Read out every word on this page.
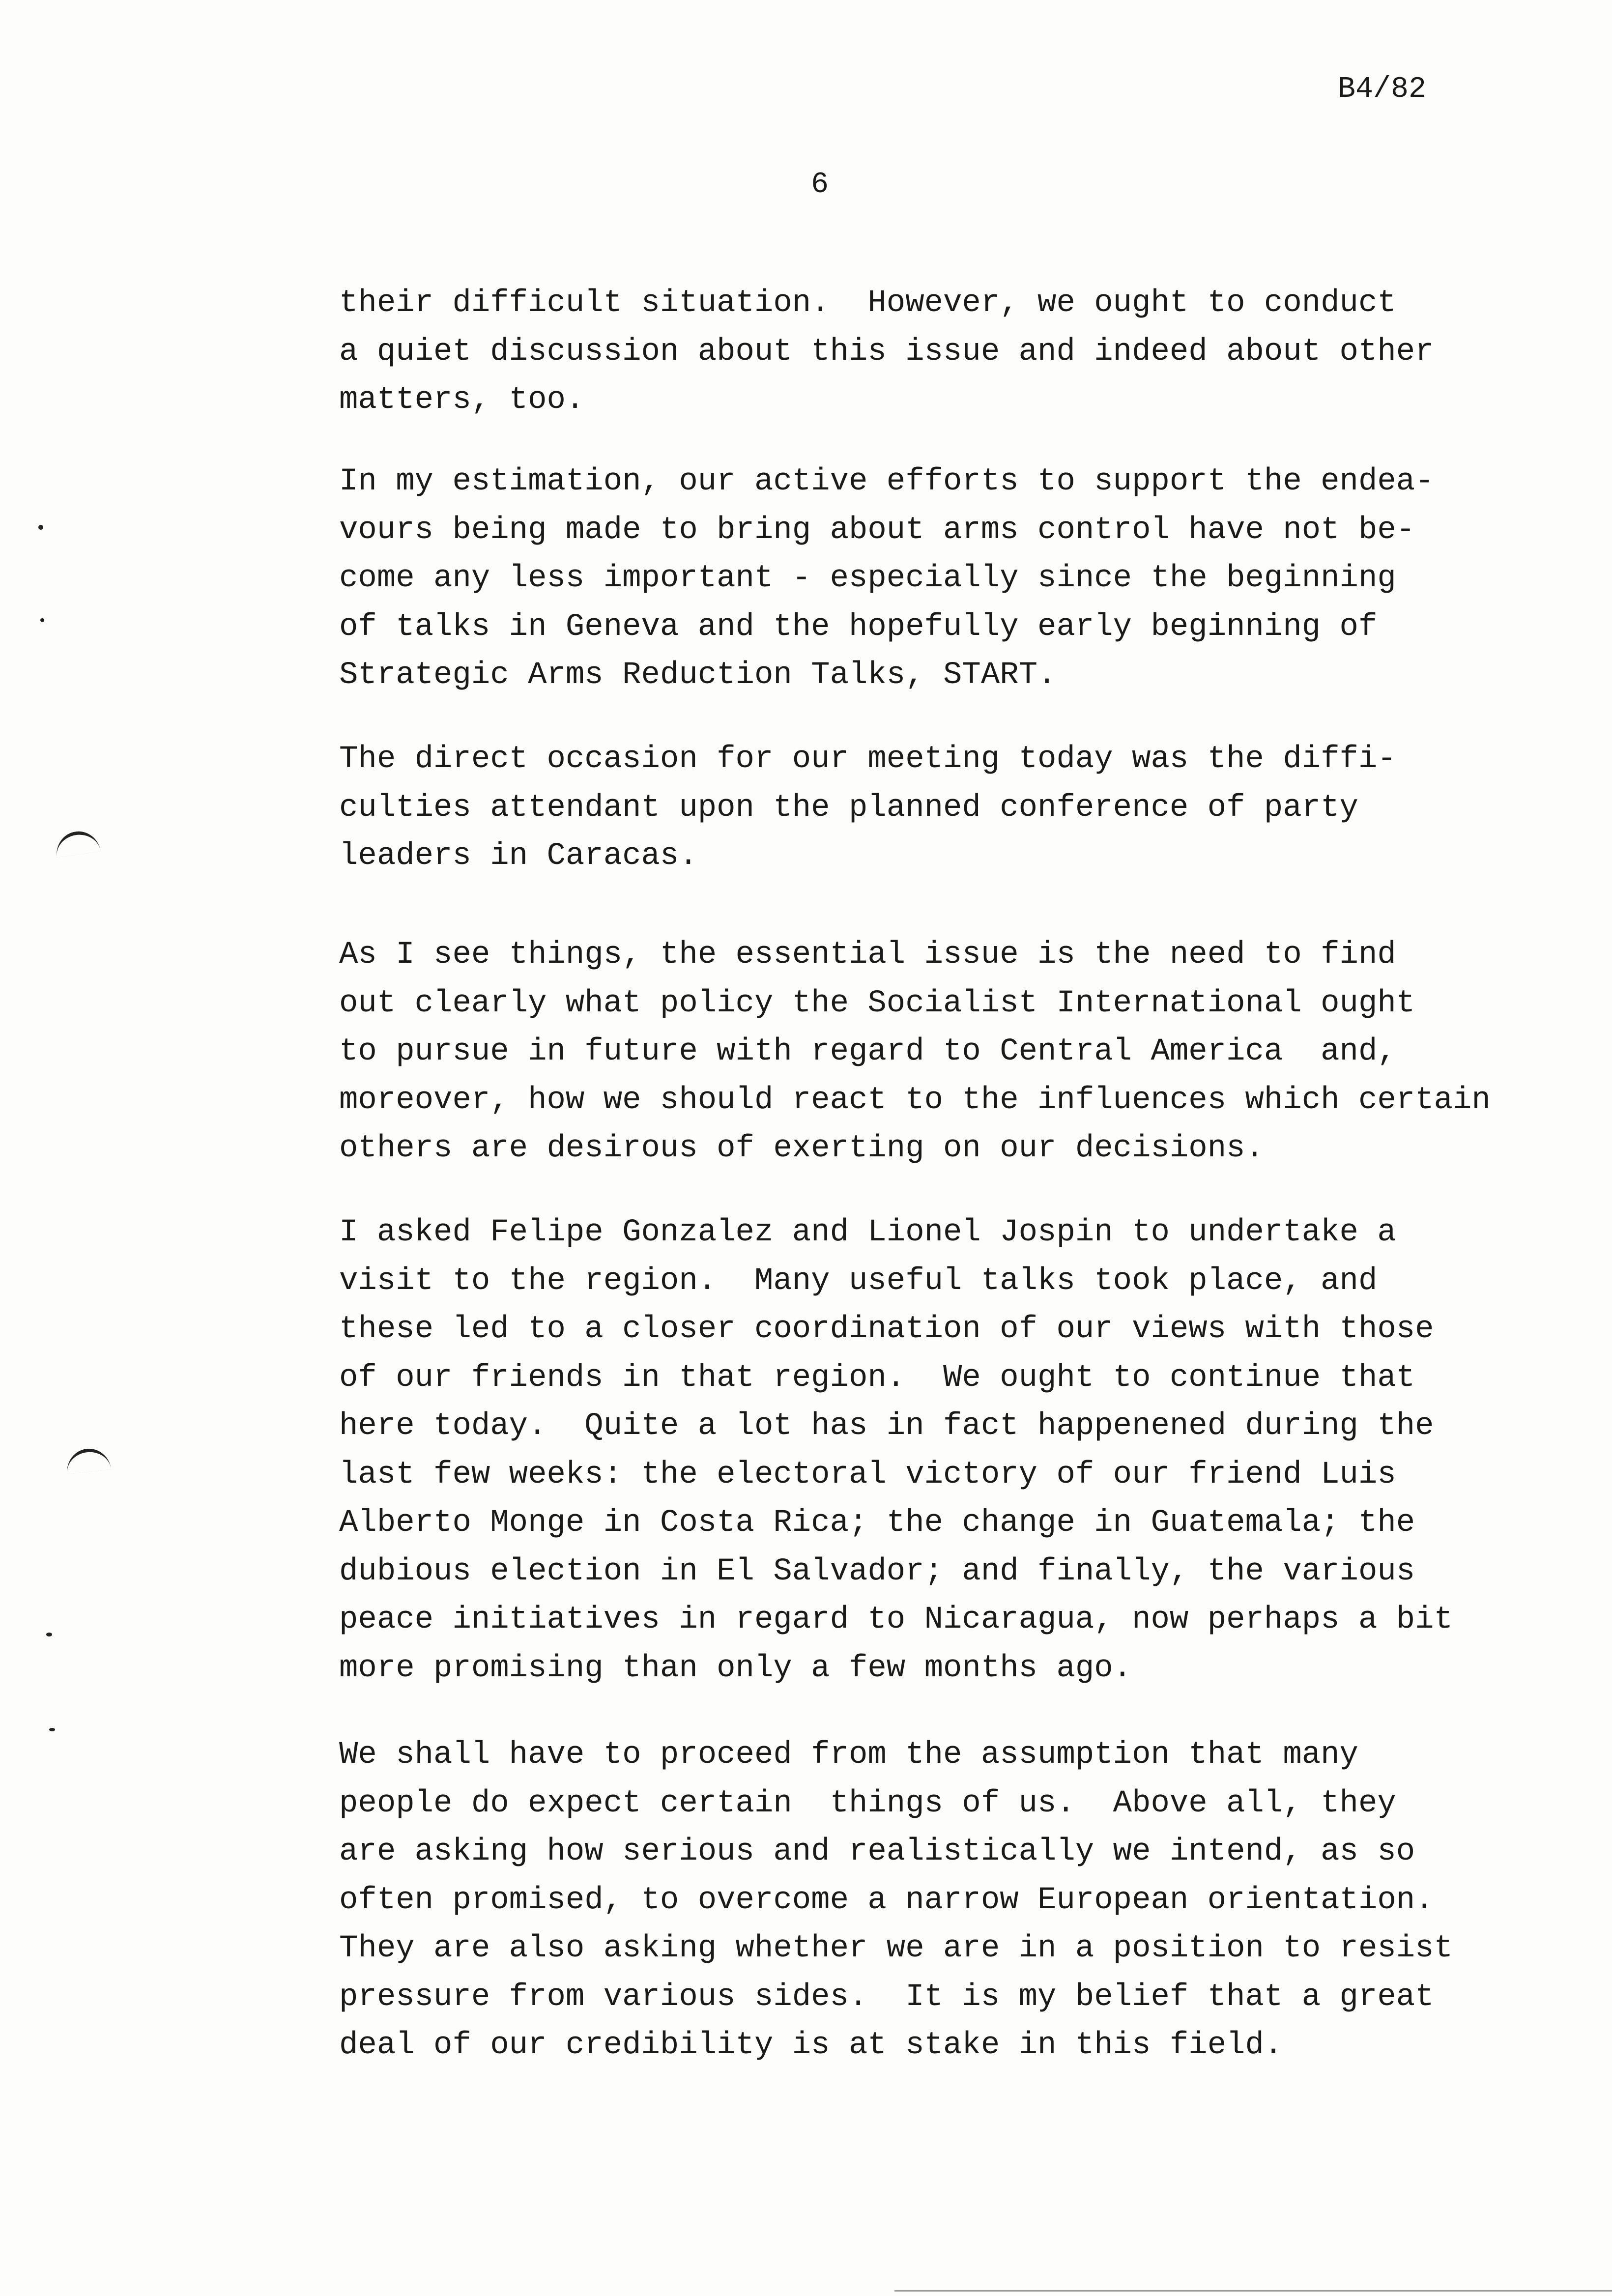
B4/82
6

their difficult situation.  However, we ought to conduct
a quiet discussion about this issue and indeed about other
matters, too.

In my estimation, our active efforts to support the endea-
vours being made to bring about arms control have not be-
come any less important - especially since the beginning
of talks in Geneva and the hopefully early beginning of
Strategic Arms Reduction Talks, START.

The direct occasion for our meeting today was the diffi-
culties attendant upon the planned conference of party
leaders in Caracas.

As I see things, the essential issue is the need to find
out clearly what policy the Socialist International ought
to pursue in future with regard to Central America  and,
moreover, how we should react to the influences which certain
others are desirous of exerting on our decisions.

I asked Felipe Gonzalez and Lionel Jospin to undertake a
visit to the region.  Many useful talks took place, and
these led to a closer coordination of our views with those
of our friends in that region.  We ought to continue that
here today.  Quite a lot has in fact happenened during the
last few weeks: the electoral victory of our friend Luis
Alberto Monge in Costa Rica; the change in Guatemala; the
dubious election in El Salvador; and finally, the various
peace initiatives in regard to Nicaragua, now perhaps a bit
more promising than only a few months ago.

We shall have to proceed from the assumption that many
people do expect certain  things of us.  Above all, they
are asking how serious and realistically we intend, as so
often promised, to overcome a narrow European orientation.
They are also asking whether we are in a position to resist
pressure from various sides.  It is my belief that a great
deal of our credibility is at stake in this field.
